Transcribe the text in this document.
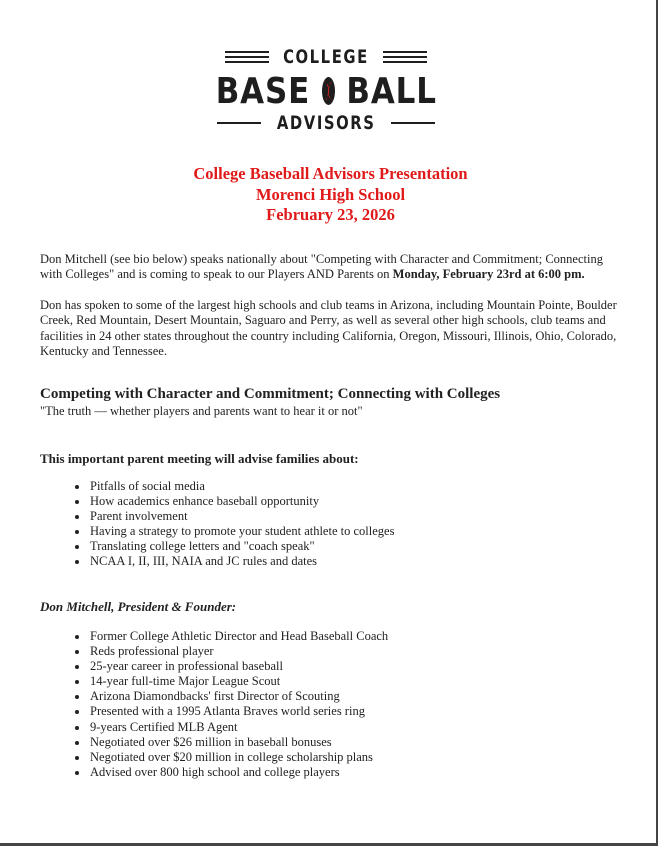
COLLEGE
BASE BALL
ADVISORS
College Baseball Advisors Presentation
Morenci High School
February 23, 2026
Don Mitchell (see bio below) speaks nationally about "Competing with Character and Commitment; Connecting with Colleges" and is coming to speak to our Players AND Parents on Monday, February 23rd at 6:00 pm.
Don has spoken to some of the largest high schools and club teams in Arizona, including Mountain Pointe, Boulder Creek, Red Mountain, Desert Mountain, Saguaro and Perry, as well as several other high schools, club teams and facilities in 24 other states throughout the country including California, Oregon, Missouri, Illinois, Ohio, Colorado, Kentucky and Tennessee.
Competing with Character and Commitment; Connecting with Colleges
"The truth — whether players and parents want to hear it or not"
This important parent meeting will advise families about:
Pitfalls of social media
How academics enhance baseball opportunity
Parent involvement
Having a strategy to promote your student athlete to colleges
Translating college letters and "coach speak"
NCAA I, II, III, NAIA and JC rules and dates
Don Mitchell, President & Founder:
Former College Athletic Director and Head Baseball Coach
Reds professional player
25-year career in professional baseball
14-year full-time Major League Scout
Arizona Diamondbacks' first Director of Scouting
Presented with a 1995 Atlanta Braves world series ring
9-years Certified MLB Agent
Negotiated over $26 million in baseball bonuses
Negotiated over $20 million in college scholarship plans
Advised over 800 high school and college players
